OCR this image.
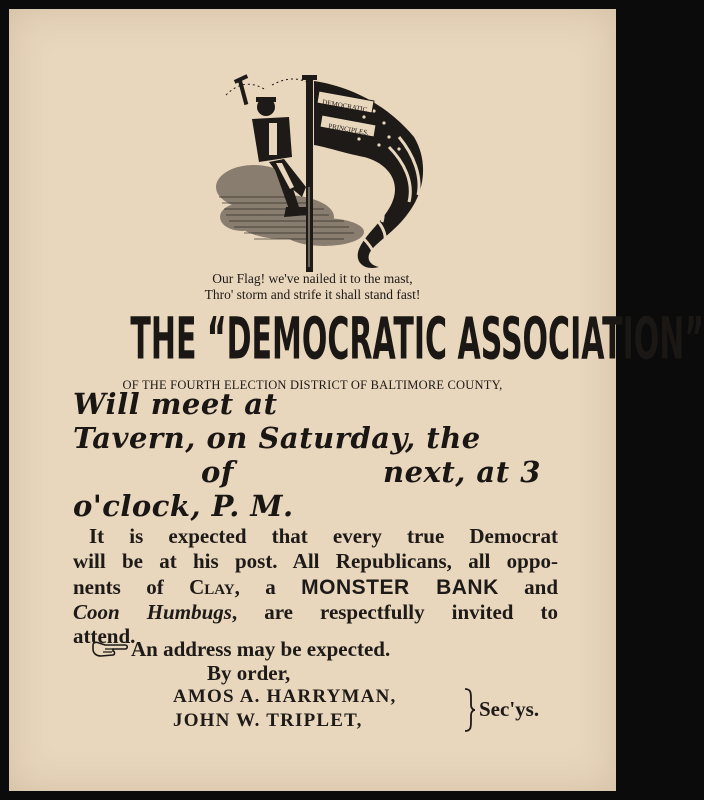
DEMOCRATIC
PRINCIPLES.

Our Flag! we've nailed it to the mast,

Thro' storm and strife it shall stand fast!

THE “DEMOCRATIC ASSOCIATION”

OF THE FOURTH ELECTION DISTRICT OF BALTIMORE COUNTY,

Will meet at

Tavern, on Saturday, the

of	next, at 3

o'clock, P. M.

It is expected that every true Democrat

will be at his post. All Republicans, all oppo-

nents of Clay, a MONSTER BANK and

Coon Humbugs, are respectfully invited to

attend.

An address may be expected.

By order,

AMOS A. HARRYMAN,

JOHN W. TRIPLET,	Sec'ys.
